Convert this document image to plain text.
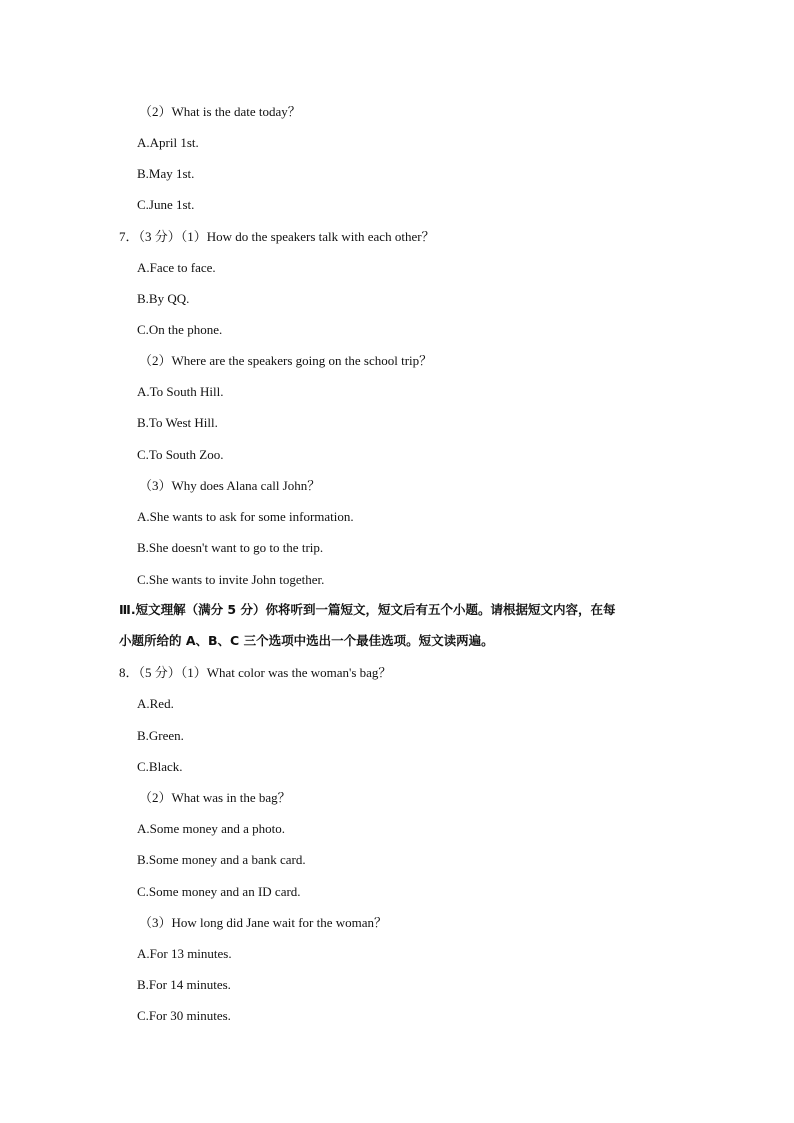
（2）What is the date today？
A.April 1st.
B.May 1st.
C.June 1st.
7．（3 分）（1）How do the speakers talk with each other？
A.Face to face.
B.By QQ.
C.On the phone.
（2）Where are the speakers going on the school trip？
A.To South Hill.
B.To West Hill.
C.To South Zoo.
（3）Why does Alana call John？
A.She wants to ask for some information.
B.She doesn't want to go to the trip.
C.She wants to invite John together.
Ⅲ.短文理解（满分 5 分）你将听到一篇短文，短文后有五个小题。请根据短文内容，在每
小题所给的 A、B、C 三个选项中选出一个最佳选项。短文读两遍。
8．（5 分）（1）What color was the woman's bag？
A.Red.
B.Green.
C.Black.
（2）What was in the bag？
A.Some money and a photo.
B.Some money and a bank card.
C.Some money and an ID card.
（3）How long did Jane wait for the woman？
A.For 13 minutes.
B.For 14 minutes.
C.For 30 minutes.
